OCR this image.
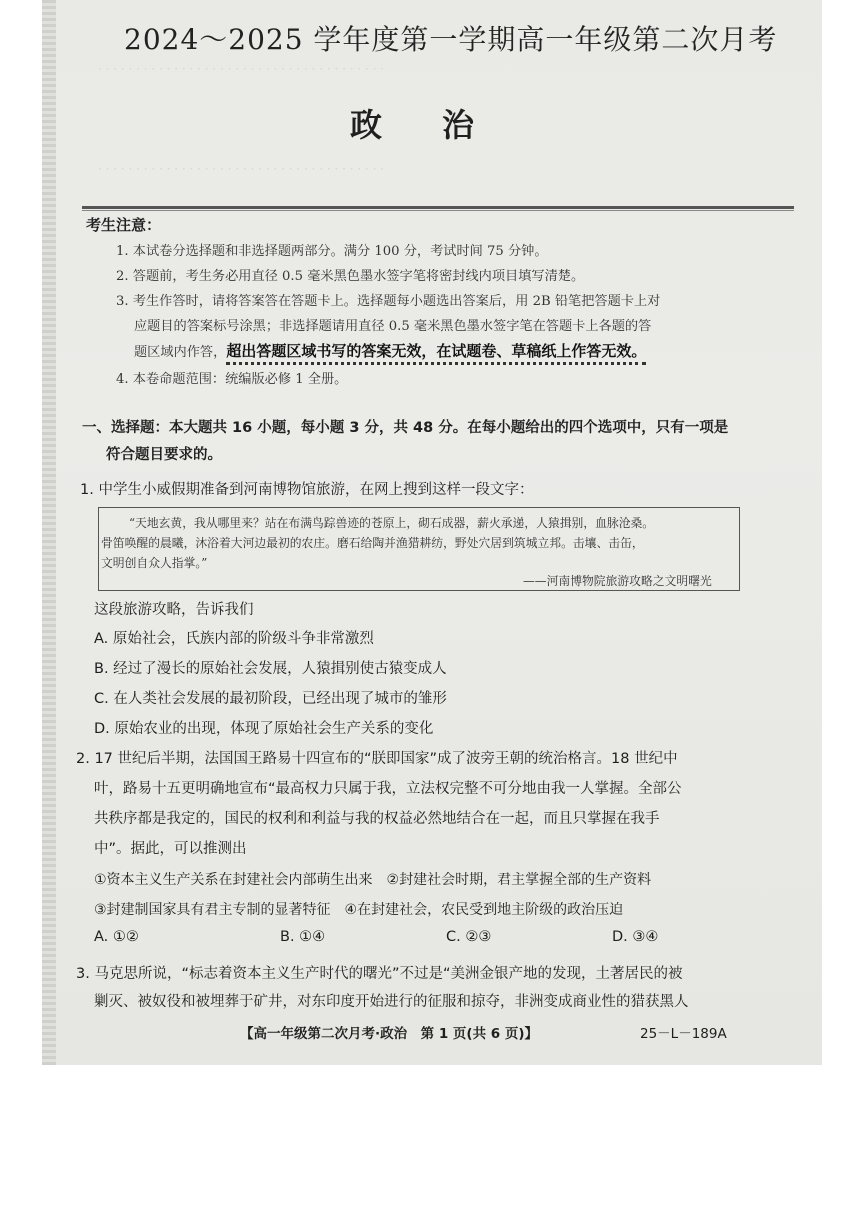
· · · · · · · · · · · · · · · · · · · · · · · · · · · · · · · · · · · · · ·
· · · · · · · · · · · · · · · · · · · · · · · · · · · · · · · · · · · · · ·
2024～2025 学年度第一学期高一年级第二次月考
政治
考生注意：
1. 本试卷分选择题和非选择题两部分。满分 100 分，考试时间 75 分钟。
2. 答题前，考生务必用直径 0.5 毫米黑色墨水签字笔将密封线内项目填写清楚。
3. 考生作答时，请将答案答在答题卡上。选择题每小题选出答案后，用 2B 铅笔把答题卡上对
应题目的答案标号涂黑；非选择题请用直径 0.5 毫米黑色墨水签字笔在答题卡上各题的答
题区域内作答，超出答题区域书写的答案无效，在试题卷、草稿纸上作答无效。
4. 本卷命题范围：统编版必修 1 全册。
一、选择题：本大题共 16 小题，每小题 3 分，共 48 分。在每小题给出的四个选项中，只有一项是
符合题目要求的。
1. 中学生小威假期准备到河南博物馆旅游，在网上搜到这样一段文字：
“天地玄黄，我从哪里来？站在布满鸟踪兽迹的苍原上，砌石成器，薪火承递，人猿揖别，血脉沧桑。
骨笛唤醒的晨曦，沐浴着大河边最初的农庄。磨石给陶并渔猎耕纺，野处穴居到筑城立邦。击壤、击缶，
文明创自众人指掌。”
——河南博物院旅游攻略之文明曙光
这段旅游攻略，告诉我们
A. 原始社会，氏族内部的阶级斗争非常激烈
B. 经过了漫长的原始社会发展，人猿揖别使古猿变成人
C. 在人类社会发展的最初阶段，已经出现了城市的雏形
D. 原始农业的出现，体现了原始社会生产关系的变化
2. 17 世纪后半期，法国国王路易十四宣布的“朕即国家”成了波旁王朝的统治格言。18 世纪中
叶，路易十五更明确地宣布“最高权力只属于我，立法权完整不可分地由我一人掌握。全部公
共秩序都是我定的，国民的权利和利益与我的权益必然地结合在一起，而且只掌握在我手
中”。据此，可以推测出
①资本主义生产关系在封建社会内部萌生出来　②封建社会时期，君主掌握全部的生产资料
③封建制国家具有君主专制的显著特征　④在封建社会，农民受到地主阶级的政治压迫
A. ①②	B. ①④	C. ②③	D. ③④
3. 马克思所说，“标志着资本主义生产时代的曙光”不过是“美洲金银产地的发现，土著居民的被
剿灭、被奴役和被埋葬于矿井，对东印度开始进行的征服和掠夺，非洲变成商业性的猎获黑人
【高一年级第二次月考·政治　第 1 页(共 6 页)】	25－L－189A
